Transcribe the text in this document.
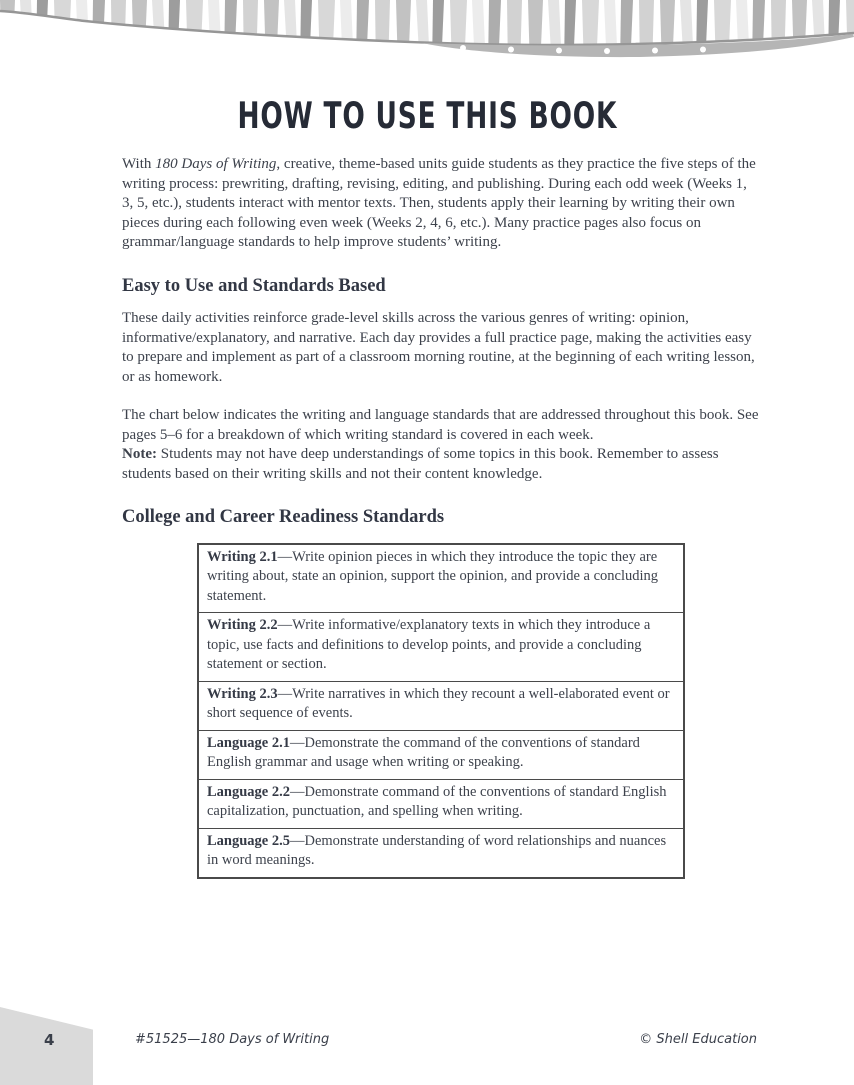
HOW TO USE THIS BOOK

With 180 Days of Writing, creative, theme-based units guide students as they practice the five steps of the writing process: prewriting, drafting, revising, editing, and publishing. During each odd week (Weeks 1, 3, 5, etc.), students interact with mentor texts. Then, students apply their learning by writing their own pieces during each following even week (Weeks 2, 4, 6, etc.). Many practice pages also focus on grammar/language standards to help improve students’ writing.

Easy to Use and Standards Based

These daily activities reinforce grade-level skills across the various genres of writing: opinion, informative/explanatory, and narrative. Each day provides a full practice page, making the activities easy to prepare and implement as part of a classroom morning routine, at the beginning of each writing lesson, or as homework.

The chart below indicates the writing and language standards that are addressed throughout this book. See pages 5–6 for a breakdown of which writing standard is covered in each week.
Note: Students may not have deep understandings of some topics in this book. Remember to assess students based on their writing skills and not their content knowledge.

College and Career Readiness Standards
Writing 2.1—Write opinion pieces in which they introduce the topic they are writing about, state an opinion, support the opinion, and provide a concluding statement.
Writing 2.2—Write informative/explanatory texts in which they introduce a topic, use facts and definitions to develop points, and provide a concluding statement or section.
Writing 2.3—Write narratives in which they recount a well-elaborated event or short sequence of events.
Language 2.1—Demonstrate the command of the conventions of standard English grammar and usage when writing or speaking.
Language 2.2—Demonstrate command of the conventions of standard English capitalization, punctuation, and spelling when writing.
Language 2.5—Demonstrate understanding of word relationships and nuances in word meanings.
4	#51525—180 Days of Writing	© Shell Education
